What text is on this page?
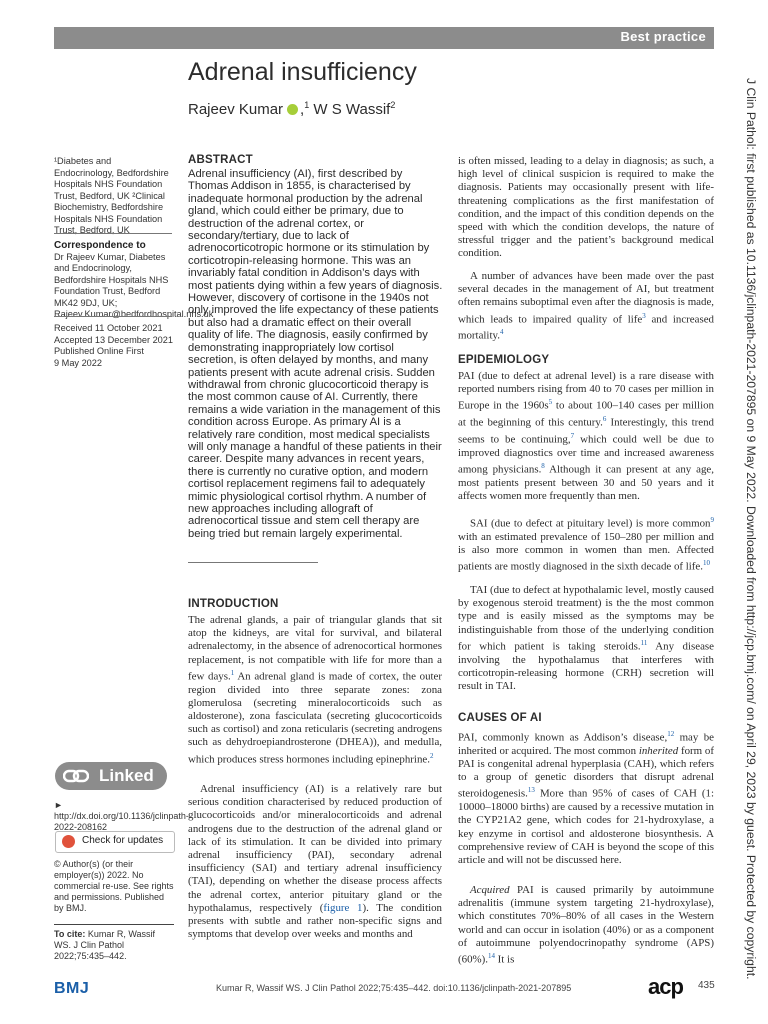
Best practice
Adrenal insufficiency
Rajeev Kumar ,$^1$ W S Wassif$^2$
¹Diabetes and Endocrinology, Bedfordshire Hospitals NHS Foundation Trust, Bedford, UK ²Clinical Biochemistry, Bedfordshire Hospitals NHS Foundation Trust, Bedford, UK
Correspondence to
Dr Rajeev Kumar, Diabetes and Endocrinology, Bedfordshire Hospitals NHS Foundation Trust, Bedford MK42 9DJ, UK; Rajeev.Kumar@bedfordhospital.nhs.uk
Received 11 October 2021
Accepted 13 December 2021
Published Online First
9 May 2022
Linked
► http://dx.doi.org/10.1136/jclinpath-2022-208162
Check for updates
© Author(s) (or their employer(s)) 2022. No commercial re-use. See rights and permissions. Published by BMJ.
To cite: Kumar R, Wassif WS. J Clin Pathol 2022;75:435–442.
ABSTRACT
Adrenal insufficiency (AI), first described by Thomas Addison in 1855, is characterised by inadequate hormonal production by the adrenal gland, which could either be primary, due to destruction of the adrenal cortex, or secondary/tertiary, due to lack of adrenocorticotropic hormone or its stimulation by corticotropin-releasing hormone. This was an invariably fatal condition in Addison’s days with most patients dying within a few years of diagnosis. However, discovery of cortisone in the 1940s not only improved the life expectancy of these patients but also had a dramatic effect on their overall quality of life. The diagnosis, easily confirmed by demonstrating inappropriately low cortisol secretion, is often delayed by months, and many patients present with acute adrenal crisis. Sudden withdrawal from chronic glucocorticoid therapy is the most common cause of AI. Currently, there remains a wide variation in the management of this condition across Europe. As primary AI is a relatively rare condition, most medical specialists will only manage a handful of these patients in their career. Despite many advances in recent years, there is currently no curative option, and modern cortisol replacement regimens fail to adequately mimic physiological cortisol rhythm. A number of new approaches including allograft of adrenocortical tissue and stem cell therapy are being tried but remain largely experimental.
INTRODUCTION
The adrenal glands, a pair of triangular glands that sit atop the kidneys, are vital for survival, and bilateral adrenalectomy, in the absence of adrenocortical hormones replacement, is not compatible with life for more than a few days.$^1$ An adrenal gland is made of cortex, the outer region divided into three separate zones: zona glomerulosa (secreting mineralocorticoids such as aldosterone), zona fasciculata (secreting glucocorticoids such as cortisol) and zona reticularis (secreting androgens such as dehydroepiandrosterone (DHEA)), and medulla, which produces stress hormones including epinephrine.$^2$
Adrenal insufficiency (AI) is a relatively rare but serious condition characterised by reduced production of glucocorticoids and/or mineralocorticoids and adrenal androgens due to the destruction of the adrenal gland or lack of its stimulation. It can be divided into primary adrenal insufficiency (PAI), secondary adrenal insufficiency (SAI) and tertiary adrenal insufficiency (TAI), depending on whether the disease process affects the adrenal cortex, anterior pituitary gland or the hypothalamus, respectively (figure 1). The condition presents with subtle and rather non-specific signs and symptoms that develop over weeks and months and
is often missed, leading to a delay in diagnosis; as such, a high level of clinical suspicion is required to make the diagnosis. Patients may occasionally present with life-threatening complications as the first manifestation of condition, and the impact of this condition depends on the speed with which the condition develops, the nature of stressful trigger and the patient’s background medical condition.
A number of advances have been made over the past several decades in the management of AI, but treatment often remains suboptimal even after the diagnosis is made, which leads to impaired quality of life$^3$ and increased mortality.$^4$
EPIDEMIOLOGY
PAI (due to defect at adrenal level) is a rare disease with reported numbers rising from 40 to 70 cases per million in Europe in the $1960s^5$ to about 100–140 cases per million at the beginning of this century.$^6$ Interestingly, this trend seems to be continuing,$^7$ which could well be due to improved diagnostics over time and increased awareness among physicians.$^8$ Although it can present at any age, most patients present between 30 and 50 years and it affects women more frequently than men.
SAI (due to defect at pituitary level) is more common$^9$ with an estimated prevalence of 150–280 per million and is also more common in women than men. Affected patients are mostly diagnosed in the sixth decade of life.$^{10}$
TAI (due to defect at hypothalamic level, mostly caused by exogenous steroid treatment) is the the most common type and is easily missed as the symptoms may be indistinguishable from those of the underlying condition for which patient is taking steroids.$^{11}$ Any disease involving the hypothalamus that interferes with corticotropin-releasing hormone (CRH) secretion will result in TAI.
CAUSES OF AI
PAI, commonly known as Addison’s disease,$^{12}$ may be inherited or acquired. The most common inherited form of PAI is congenital adrenal hyperplasia (CAH), which refers to a group of genetic disorders that disrupt adrenal steroidogenesis.$^{13}$ More than 95% of cases of CAH (1: 10000–18000 births) are caused by a recessive mutation in the CYP21A2 gene, which codes for 21-hydroxylase, a key enzyme in cortisol and aldosterone biosynthesis. A comprehensive review of CAH is beyond the scope of this article and will not be discussed here.
Acquired PAI is caused primarily by autoimmune adrenalitis (immune system targeting 21-hydroxylase), which constitutes 70%–80% of all cases in the Western world and can occur in isolation (40%) or as a component of autoimmune polyendocrinopathy syndrome (APS) (60%).$^{14}$ It is	J Clin Pathol: first published as 10.1136/jclinpath-2021-207895 on 9 May 2022. Downloaded from http://jcp.bmj.com/ on April 29, 2023 by guest. Protected by copyright.
BMJ	Kumar R, Wassif WS. J Clin Pathol 2022;75:435–442. doi:10.1136/jclinpath-2021-207895	acp 435
